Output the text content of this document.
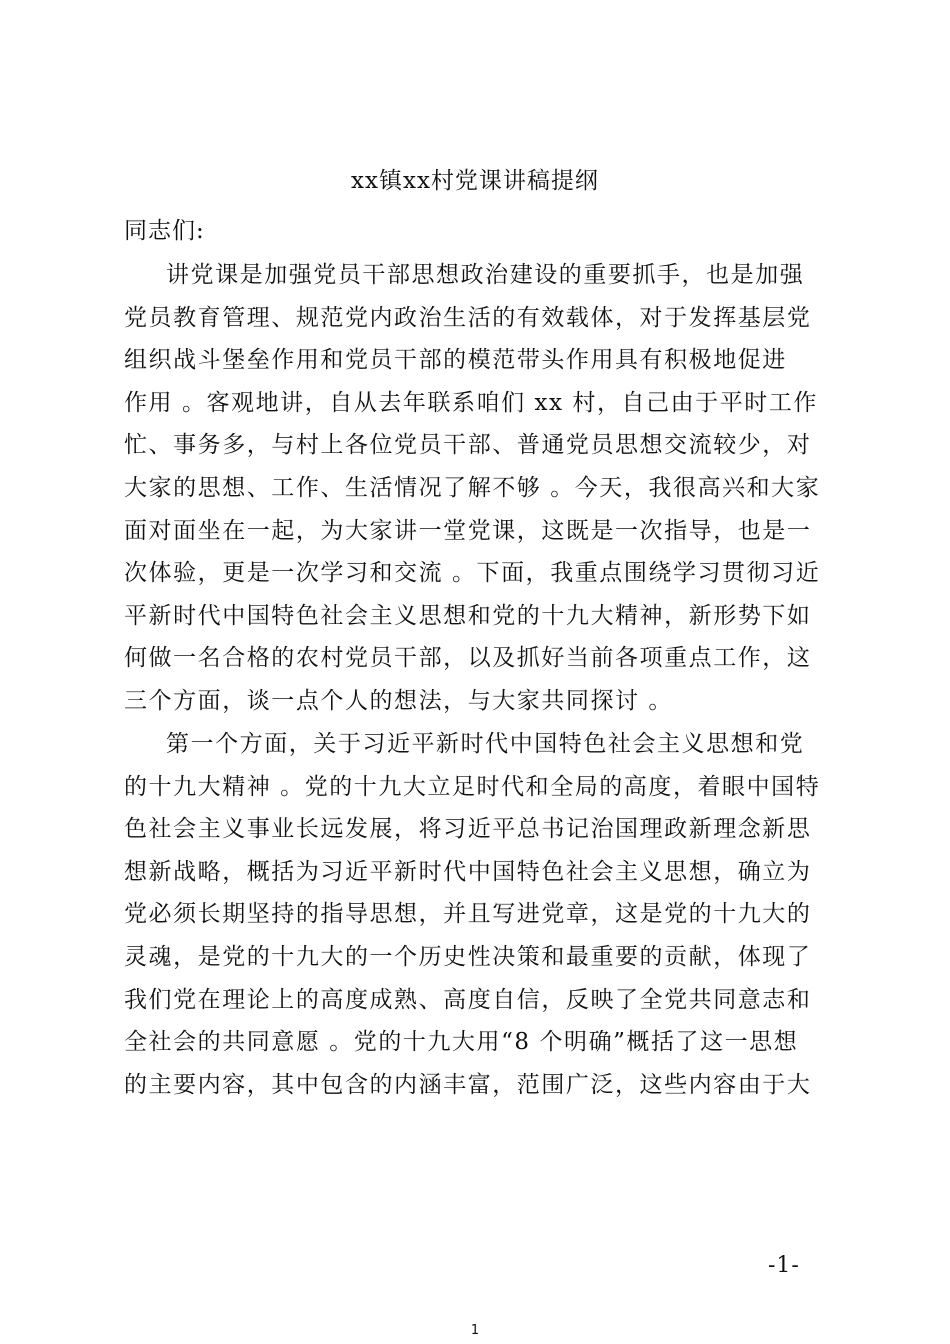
xx镇xx村党课讲稿提纲

同志们:

讲党课是加强党员干部思想政治建设的重要抓手，也是加强
党员教育管理、规范党内政治生活的有效载体，对于发挥基层党
组织战斗堡垒作用和党员干部的模范带头作用具有积极地促进
作用 。客观地讲，自从去年联系咱们 xx 村，自己由于平时工作
忙、事务多，与村上各位党员干部、普通党员思想交流较少，对
大家的思想、工作、生活情况了解不够 。今天，我很高兴和大家
面对面坐在一起，为大家讲一堂党课，这既是一次指导，也是一
次体验，更是一次学习和交流 。下面，我重点围绕学习贯彻习近
平新时代中国特色社会主义思想和党的十九大精神，新形势下如
何做一名合格的农村党员干部，以及抓好当前各项重点工作，这
三个方面，谈一点个人的想法，与大家共同探讨 。
第一个方面，关于习近平新时代中国特色社会主义思想和党
的十九大精神 。党的十九大立足时代和全局的高度，着眼中国特
色社会主义事业长远发展，将习近平总书记治国理政新理念新思
想新战略，概括为习近平新时代中国特色社会主义思想，确立为
党必须长期坚持的指导思想，并且写进党章，这是党的十九大的
灵魂，是党的十九大的一个历史性决策和最重要的贡献，体现了
我们党在理论上的高度成熟、高度自信，反映了全党共同意志和
全社会的共同意愿 。党的十九大用“8 个明确”概括了这一思想
的主要内容，其中包含的内涵丰富，范围广泛，这些内容由于大
-1-
1
